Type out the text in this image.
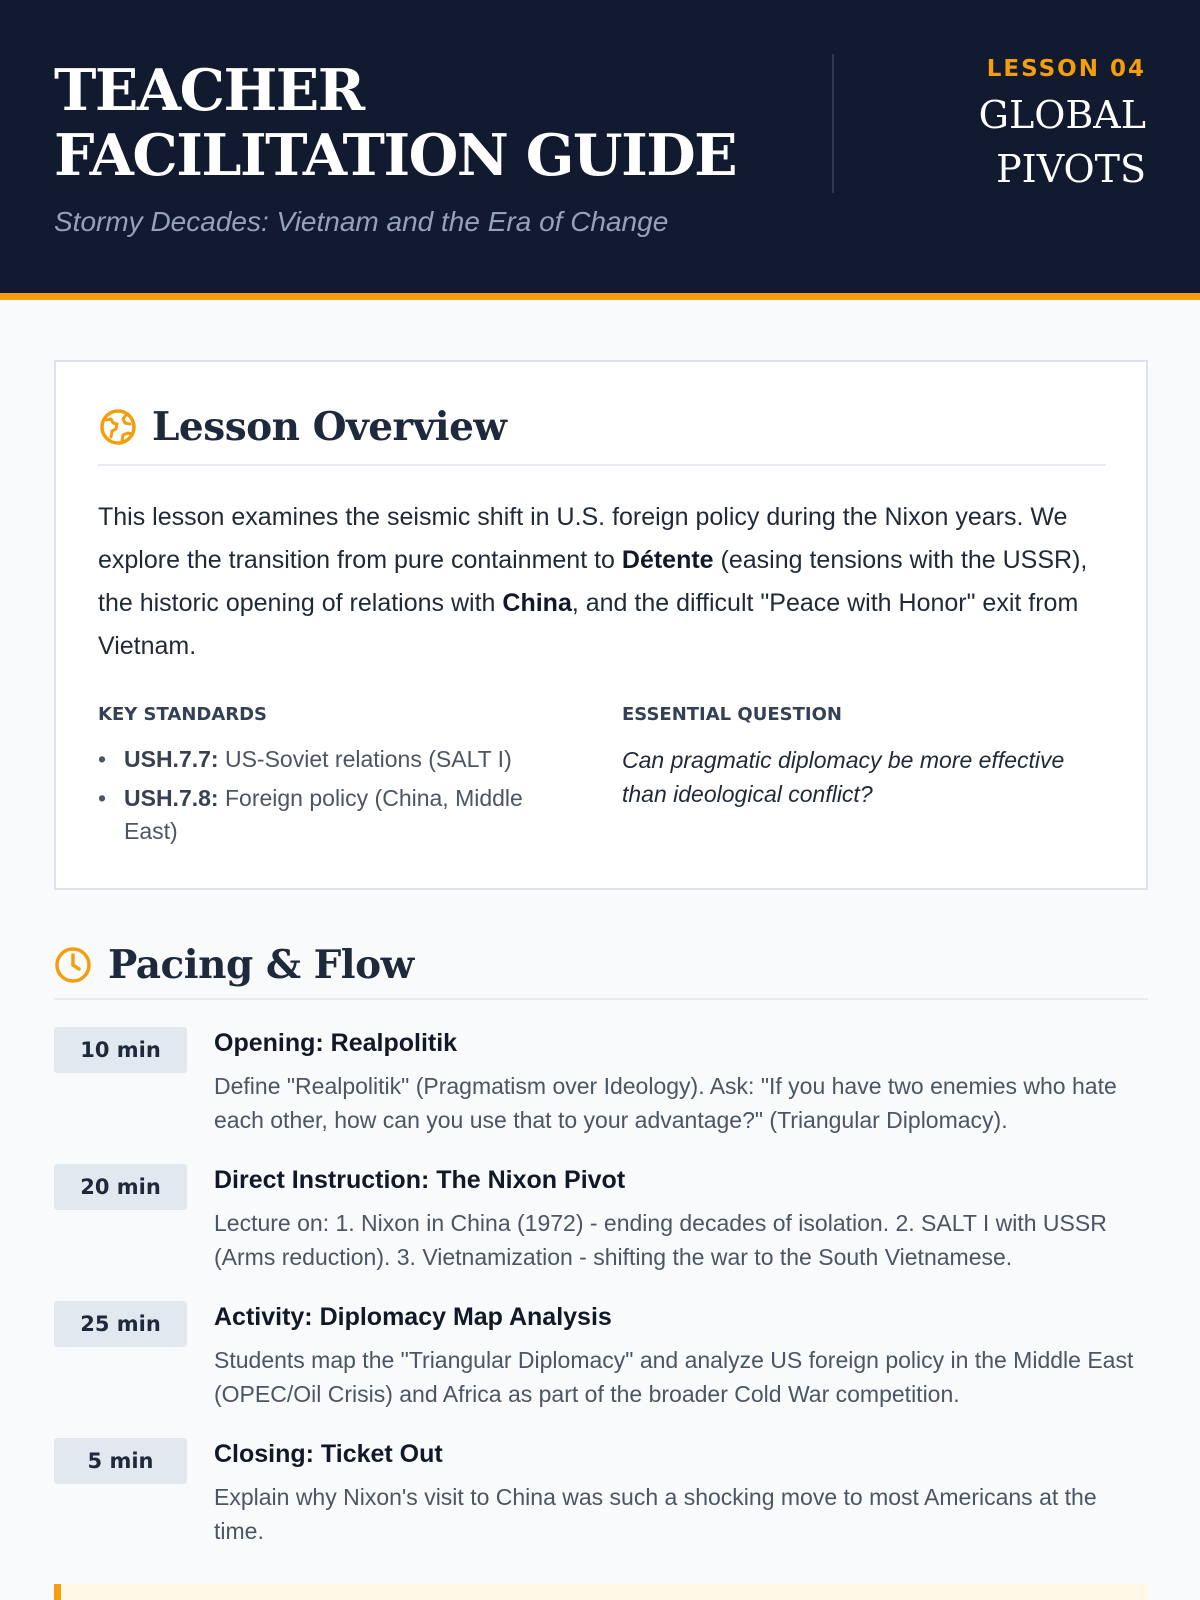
TEACHER FACILITATION GUIDE
Stormy Decades: Vietnam and the Era of Change
LESSON 04
GLOBAL PIVOTS
Lesson Overview

This lesson examines the seismic shift in U.S. foreign policy during the Nixon years. We explore the transition from pure containment to Détente (easing tensions with the USSR), the historic opening of relations with China, and the difficult "Peace with Honor" exit from Vietnam.

KEY STANDARDS
• USH.7.7: US-Soviet relations (SALT I)
• USH.7.8: Foreign policy (China, Middle East)
ESSENTIAL QUESTION

Can pragmatic diplomacy be more effective than ideological conflict?

Pacing & Flow
10 min	Opening: Realpolitik
Define "Realpolitik" (Pragmatism over Ideology). Ask: "If you have two enemies who hate each other, how can you use that to your advantage?" (Triangular Diplomacy).
20 min	Direct Instruction: The Nixon Pivot
Lecture on: 1. Nixon in China (1972) - ending decades of isolation. 2. SALT I with USSR (Arms reduction). 3. Vietnamization - shifting the war to the South Vietnamese.
25 min	Activity: Diplomacy Map Analysis
Students map the "Triangular Diplomacy" and analyze US foreign policy in the Middle East (OPEC/Oil Crisis) and Africa as part of the broader Cold War competition.
5 min	Closing: Ticket Out
Explain why Nixon's visit to China was such a shocking move to most Americans at the time.
